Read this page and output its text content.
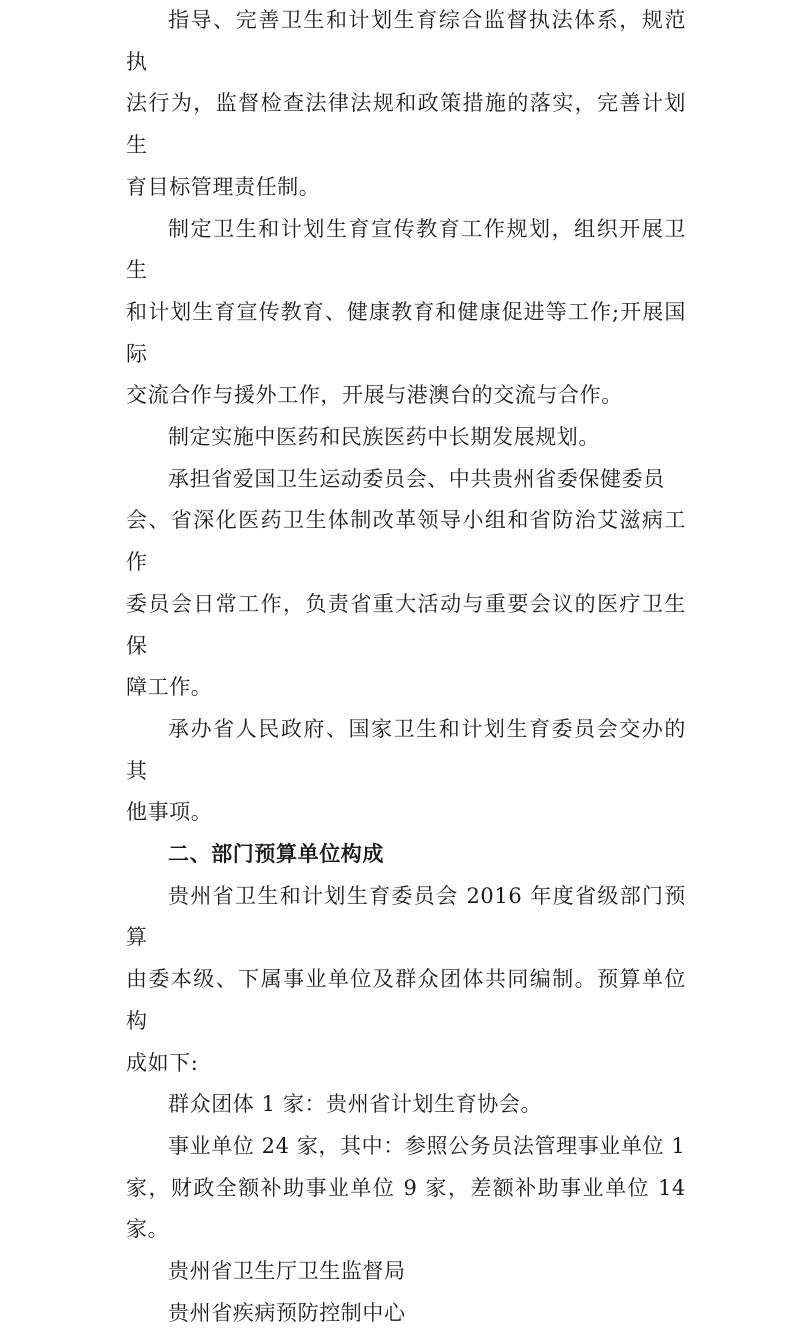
指导、完善卫生和计划生育综合监督执法体系，规范执
法行为，监督检查法律法规和政策措施的落实，完善计划生
育目标管理责任制。

制定卫生和计划生育宣传教育工作规划，组织开展卫生
和计划生育宣传教育、健康教育和健康促进等工作;开展国际
交流合作与援外工作，开展与港澳台的交流与合作。

制定实施中医药和民族医药中长期发展规划。

承担省爱国卫生运动委员会、中共贵州省委保健委员
会、省深化医药卫生体制改革领导小组和省防治艾滋病工作
委员会日常工作，负责省重大活动与重要会议的医疗卫生保
障工作。

承办省人民政府、国家卫生和计划生育委员会交办的其
他事项。

二、部门预算单位构成

贵州省卫生和计划生育委员会 2016 年度省级部门预算
由委本级、下属事业单位及群众团体共同编制。预算单位构
成如下:

群众团体 1 家：贵州省计划生育协会。

事业单位 24 家，其中：参照公务员法管理事业单位 1
家，财政全额补助事业单位 9 家，差额补助事业单位 14 家。

贵州省卫生厅卫生监督局

贵州省疾病预防控制中心
